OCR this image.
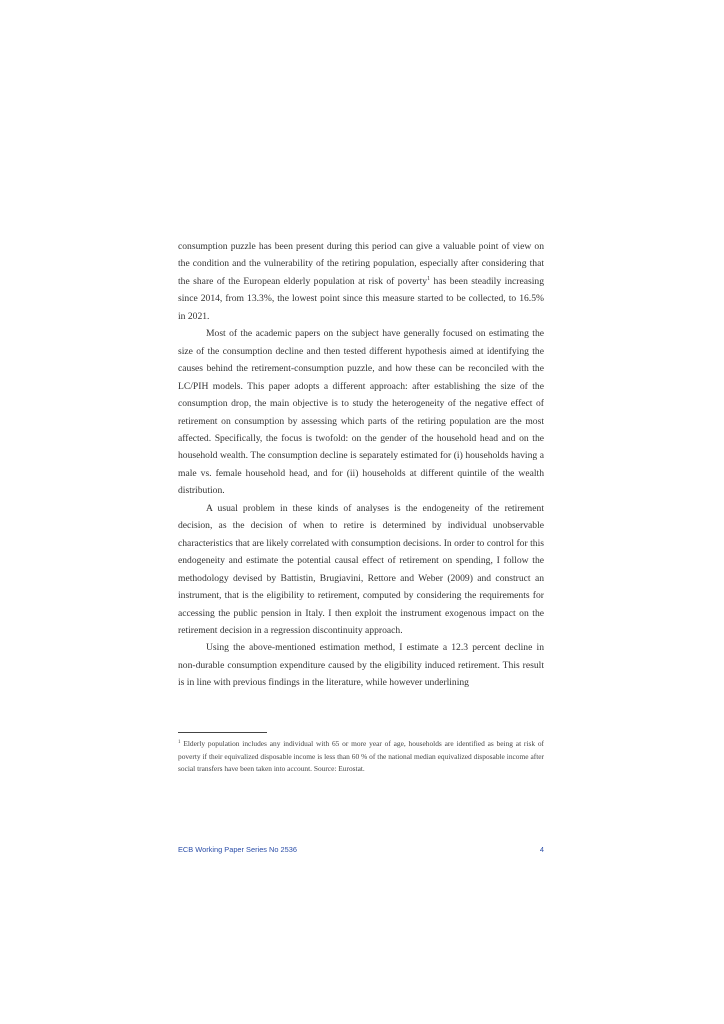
consumption puzzle has been present during this period can give a valuable point of view on the condition and the vulnerability of the retiring population, especially after considering that the share of the European elderly population at risk of poverty$^1$ has been steadily increasing since 2014, from 13.3%, the lowest point since this measure started to be collected, to 16.5% in 2021.

Most of the academic papers on the subject have generally focused on estimating the size of the consumption decline and then tested different hypothesis aimed at identifying the causes behind the retirement-consumption puzzle, and how these can be reconciled with the LC/PIH models. This paper adopts a different approach: after establishing the size of the consumption drop, the main objective is to study the heterogeneity of the negative effect of retirement on consumption by assessing which parts of the retiring population are the most affected. Specifically, the focus is twofold: on the gender of the household head and on the household wealth. The consumption decline is separately estimated for (i) households having a male vs. female household head, and for (ii) households at different quintile of the wealth distribution.

A usual problem in these kinds of analyses is the endogeneity of the retirement decision, as the decision of when to retire is determined by individual unobservable characteristics that are likely correlated with consumption decisions. In order to control for this endogeneity and estimate the potential causal effect of retirement on spending, I follow the methodology devised by Battistin, Brugiavini, Rettore and Weber (2009) and construct an instrument, that is the eligibility to retirement, computed by considering the requirements for accessing the public pension in Italy. I then exploit the instrument exogenous impact on the retirement decision in a regression discontinuity approach.

Using the above-mentioned estimation method, I estimate a 12.3 percent decline in non-durable consumption expenditure caused by the eligibility induced retirement. This result is in line with previous findings in the literature, while however underlining

$^1$ Elderly population includes any individual with 65 or more year of age, households are identified as being at risk of poverty if their equivalized disposable income is less than 60 % of the national median equivalized disposable income after social transfers have been taken into account. Source: Eurostat.
ECB Working Paper Series No 2536	4
